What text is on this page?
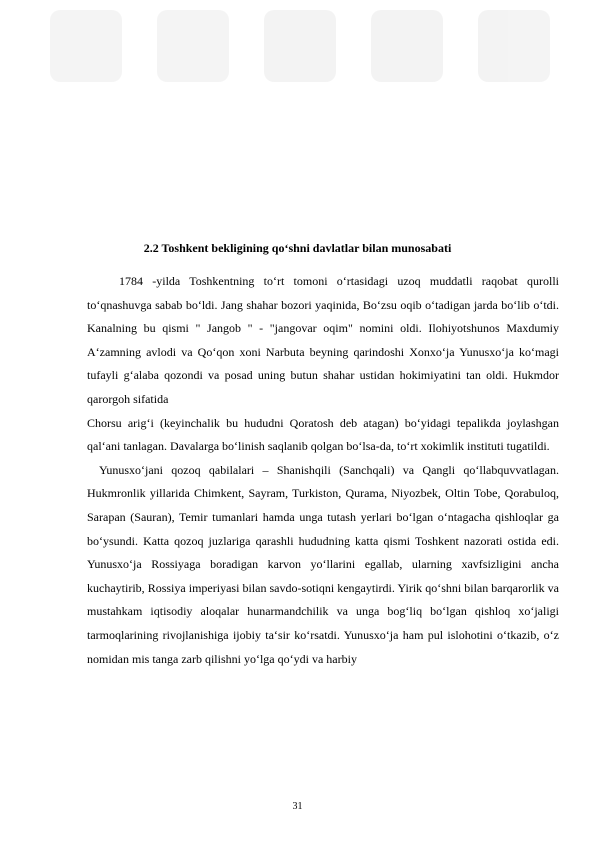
2.2 Toshkent bekligining qo‘shni davlatlar bilan munosabati

1784 -yilda Toshkentning to‘rt tomoni o‘rtasidagi uzoq muddatli raqobat qurolli to‘qnashuvga sabab bo‘ldi. Jang shahar bozori yaqinida, Bo‘zsu oqib o‘tadigan jarda bo‘lib o‘tdi. Kanalning bu qismi " Jangob " - "jangovar oqim" nomini oldi. Ilohiyotshunos Maxdumiy A‘zamning avlodi va Qo‘qon xoni Narbuta beyning qarindoshi Xonxo‘ja Yunusxo‘ja ko‘magi tufayli g‘alaba qozondi va posad uning butun shahar ustidan hokimiyatini tan oldi. Hukmdor qarorgoh sifatida

Chorsu arig‘i (keyinchalik bu hududni Qoratosh deb atagan) bo‘yidagi tepalikda joylashgan qal‘ani tanlagan. Davalarga bo‘linish saqlanib qolgan bo‘lsa-da, to‘rt xokimlik instituti tugatildi.

Yunusxo‘jani qozoq qabilalari – Shanishqili (Sanchqali) va Qangli qo‘llabquvvatlagan. Hukmronlik yillarida Chimkent, Sayram, Turkiston, Qurama, Niyozbek, Oltin Tobe, Qorabuloq, Sarapan (Sauran), Temir tumanlari hamda unga tutash yerlari bo‘lgan o‘ntagacha qishloqlar ga bo‘ysundi. Katta qozoq juzlariga qarashli hududning katta qismi Toshkent nazorati ostida edi. Yunusxo‘ja Rossiyaga boradigan karvon yo‘llarini egallab, ularning xavfsizligini ancha kuchaytirib, Rossiya imperiyasi bilan savdo-sotiqni kengaytirdi. Yirik qo‘shni bilan barqarorlik va mustahkam iqtisodiy aloqalar hunarmandchilik va unga bog‘liq bo‘lgan qishloq xo‘jaligi tarmoqlarining rivojlanishiga ijobiy ta‘sir ko‘rsatdi. Yunusxo‘ja ham pul islohotini o‘tkazib, o‘z nomidan mis tanga zarb qilishni yo‘lga qo‘ydi va harbiy

31
